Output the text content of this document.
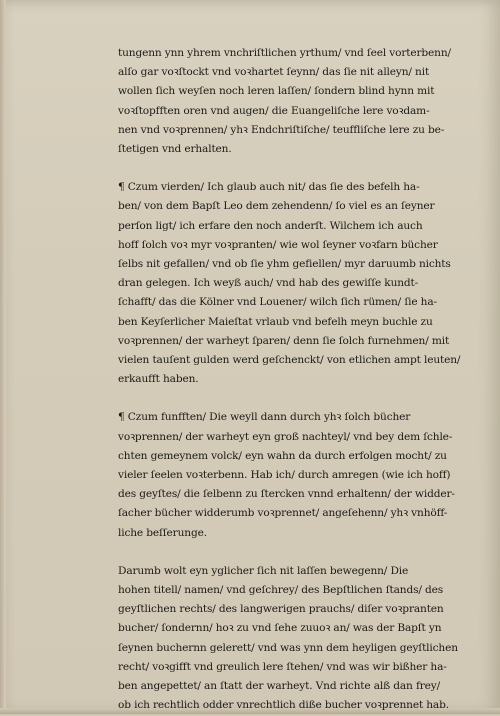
tungenn ynn yhrem vnchriſtlichen yrthum/ vnd ſeel vorterbenn/
alſo gar voꝛſtockt vnd voꝛhartet ſeynn/ das ſie nit alleyn/ nit
wollen ſich weyſen noch leren laſſen/ ſondern blind hynn mit
voꝛſtopfften oren vnd augen/ die Euangeliſche lere voꝛdam-
nen vnd voꝛprennen/ yhꝛ Endchriſtiſche/ teuffliſche lere zu be-
ſtetigen vnd erhalten.
¶ Czum vierden/ Ich glaub auch nit/ das ſie des befelh ha-
ben/ von dem Bapſt Leo dem zehendenn/ ſo viel es an ſeyner
perſon ligt/ ich erfare den noch anderſt. Wilchem ich auch
hoff ſolch voꝛ myr voꝛpranten/ wie wol ſeyner voꝛfarn bücher
ſelbs nit gefallen/ vnd ob ſie yhm gefiellen/ myr daruumb nichts
dran gelegen. Ich weyß auch/ vnd hab des gewiſſe kundt-
ſchafft/ das die Kölner vnd Louener/ wilch ſich rümen/ ſie ha-
ben Keyſerlicher Maieſtat vrlaub vnd befelh meyn buchle zu
voꝛprennen/ der warheyt ſparen/ denn ſie ſolch furnehmen/ mit
vielen tauſent gulden werd geſchenckt/ von etlichen ampt leuten/
erkaufft haben.
¶ Czum funfften/ Die weyll dann durch yhꝛ ſolch bücher
voꝛprennen/ der warheyt eyn groß nachteyl/ vnd bey dem ſchle-
chten gemeynem volck/ eyn wahn da durch erfolgen mocht/ zu
vieler ſeelen voꝛterbenn. Hab ich/ durch amregen (wie ich hoff)
des geyſtes/ die ſelbenn zu ſtercken vnnd erhaltenn/ der widder-
ſacher bücher widderumb voꝛprennet/ angeſehenn/ yhꝛ vnhöff-
liche beſſerunge.
Darumb wolt eyn yglicher ſich nit laſſen bewegenn/ Die
hohen titell/ namen/ vnd geſchrey/ des Bepſtlichen ſtands/ des
geyſtlichen rechts/ des langwerigen prauchs/ diſer voꝛpranten
bucher/ ſondernn/ hoꝛ zu vnd ſehe zuuoꝛ an/ was der Bapſt yn
ſeynen buchernn gelerett/ vnd was ynn dem heyligen geyſtlichen
recht/ voꝛgifft vnd greulich lere ſtehen/ vnd was wir bißher ha-
ben angepettet/ an ſtatt der warheyt. Vnd richte alß dan frey/
ob ich rechtlich odder vnrechtlich diße bucher voꝛprennet hab.
